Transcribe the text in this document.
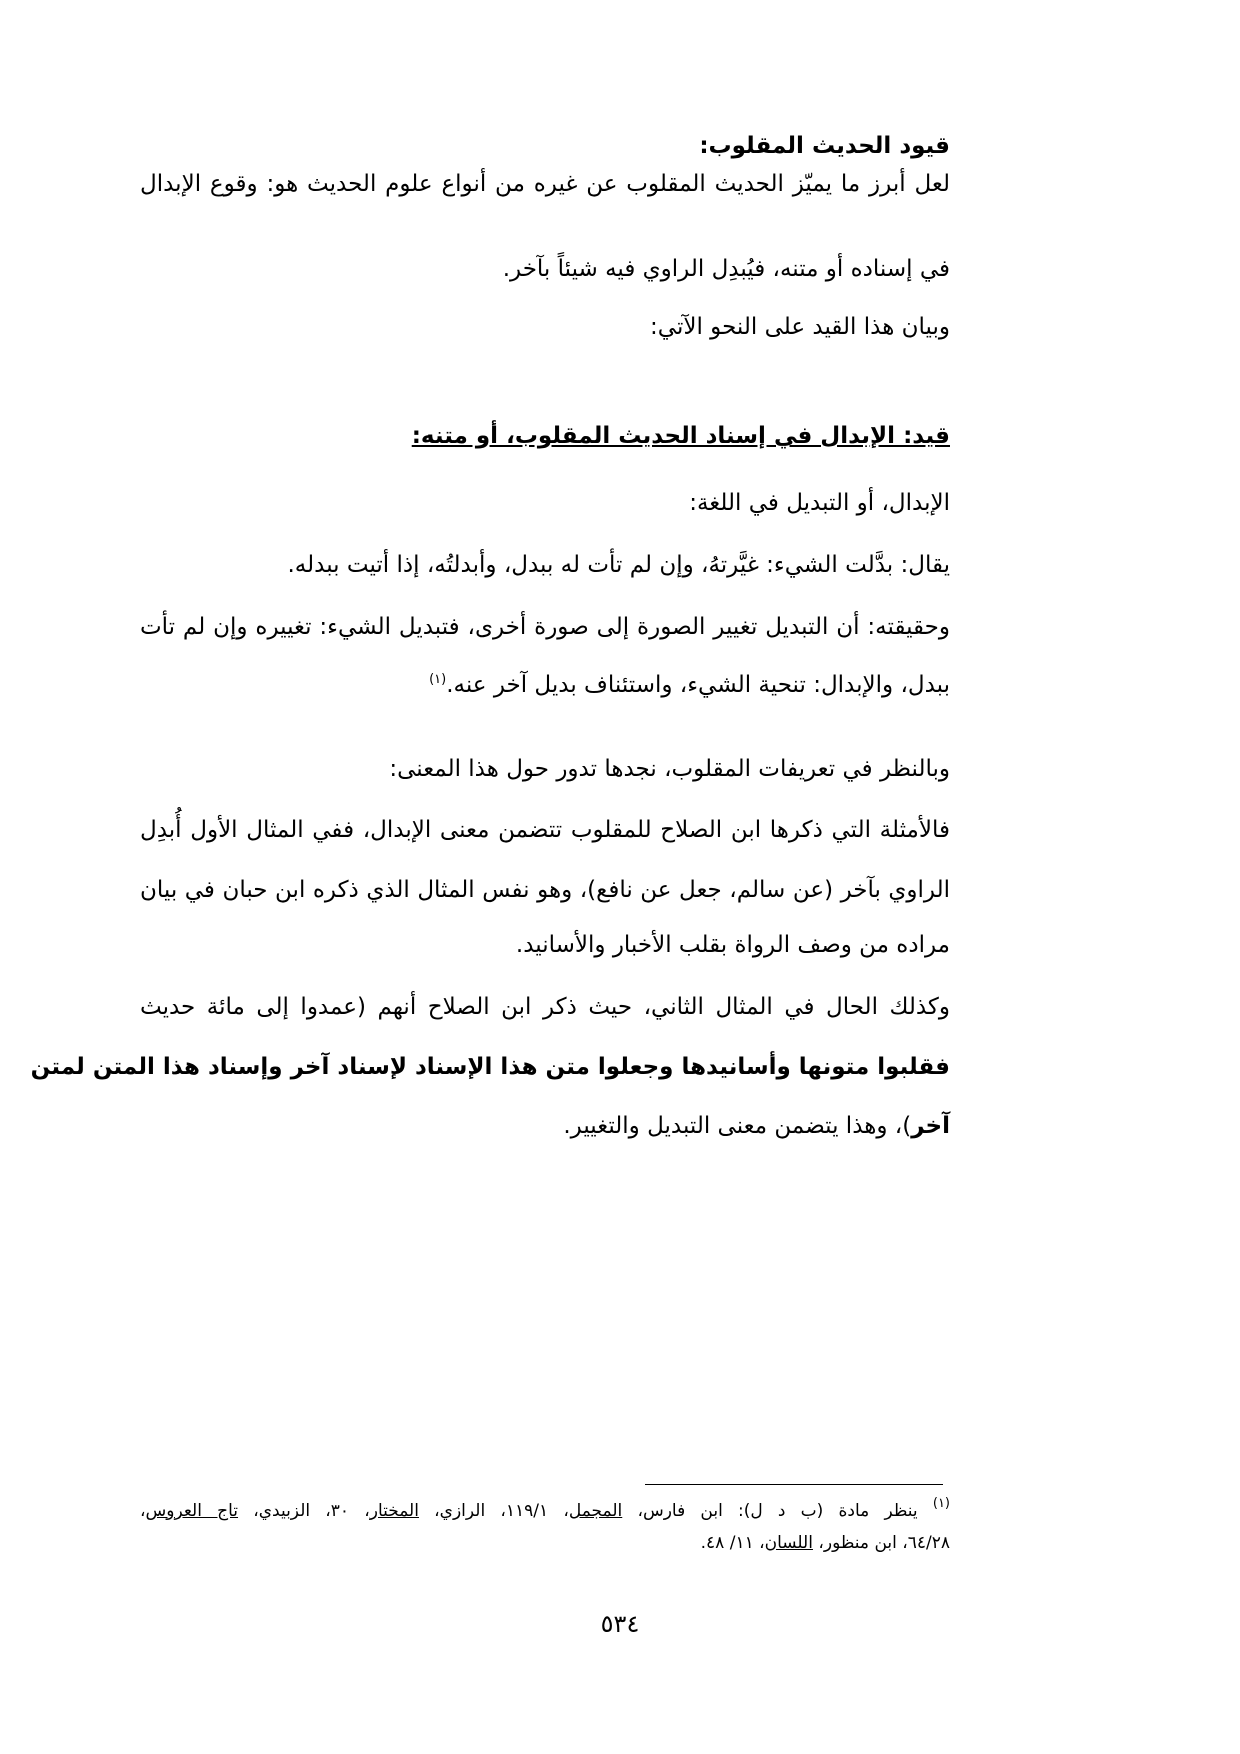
قيود الحديث المقلوب:

لعل أبرز ما يميّز الحديث المقلوب عن غيره من أنواع علوم الحديث هو: وقوع الإبدال

في إسناده أو متنه، فيُبدِل الراوي فيه شيئاً بآخر.

وبيان هذا القيد على النحو الآتي:

قيد: الإبدال في إسناد الحديث المقلوب، أو متنه:

الإبدال، أو التبديل في اللغة:

يقال: بدَّلت الشيء: غيَّرتهُ، وإن لم تأت له ببدل، وأبدلتُه، إذا أتيت ببدله.

وحقيقته: أن التبديل تغيير الصورة إلى صورة أخرى، فتبديل الشيء: تغييره وإن لم تأت

ببدل، والإبدال: تنحية الشيء، واستئناف بديل آخر عنه.$^{(١)}$

وبالنظر في تعريفات المقلوب، نجدها تدور حول هذا المعنى:

فالأمثلة التي ذكرها ابن الصلاح للمقلوب تتضمن معنى الإبدال، ففي المثال الأول أُبدِل

الراوي بآخر (عن سالم، جعل عن نافع)، وهو نفس المثال الذي ذكره ابن حبان في بيان

مراده من وصف الرواة بقلب الأخبار والأسانيد.

وكذلك الحال في المثال الثاني، حيث ذكر ابن الصلاح أنهم (عمدوا إلى مائة حديث

فقلبوا متونها وأسانيدها وجعلوا متن هذا الإسناد لإسناد آخر وإسناد هذا المتن لمتن

آخر)، وهذا يتضمن معنى التبديل والتغيير.

$^{(١)}$ ينظر مادة (ب د ل): ابن فارس، المجمل، ١١٩/١، الرازي، المختار، ٣٠، الزبيدي، تاج العروس،

٦٤/٢٨، ابن منظور، اللسان، ١١/ ٤٨.

٥٣٤
